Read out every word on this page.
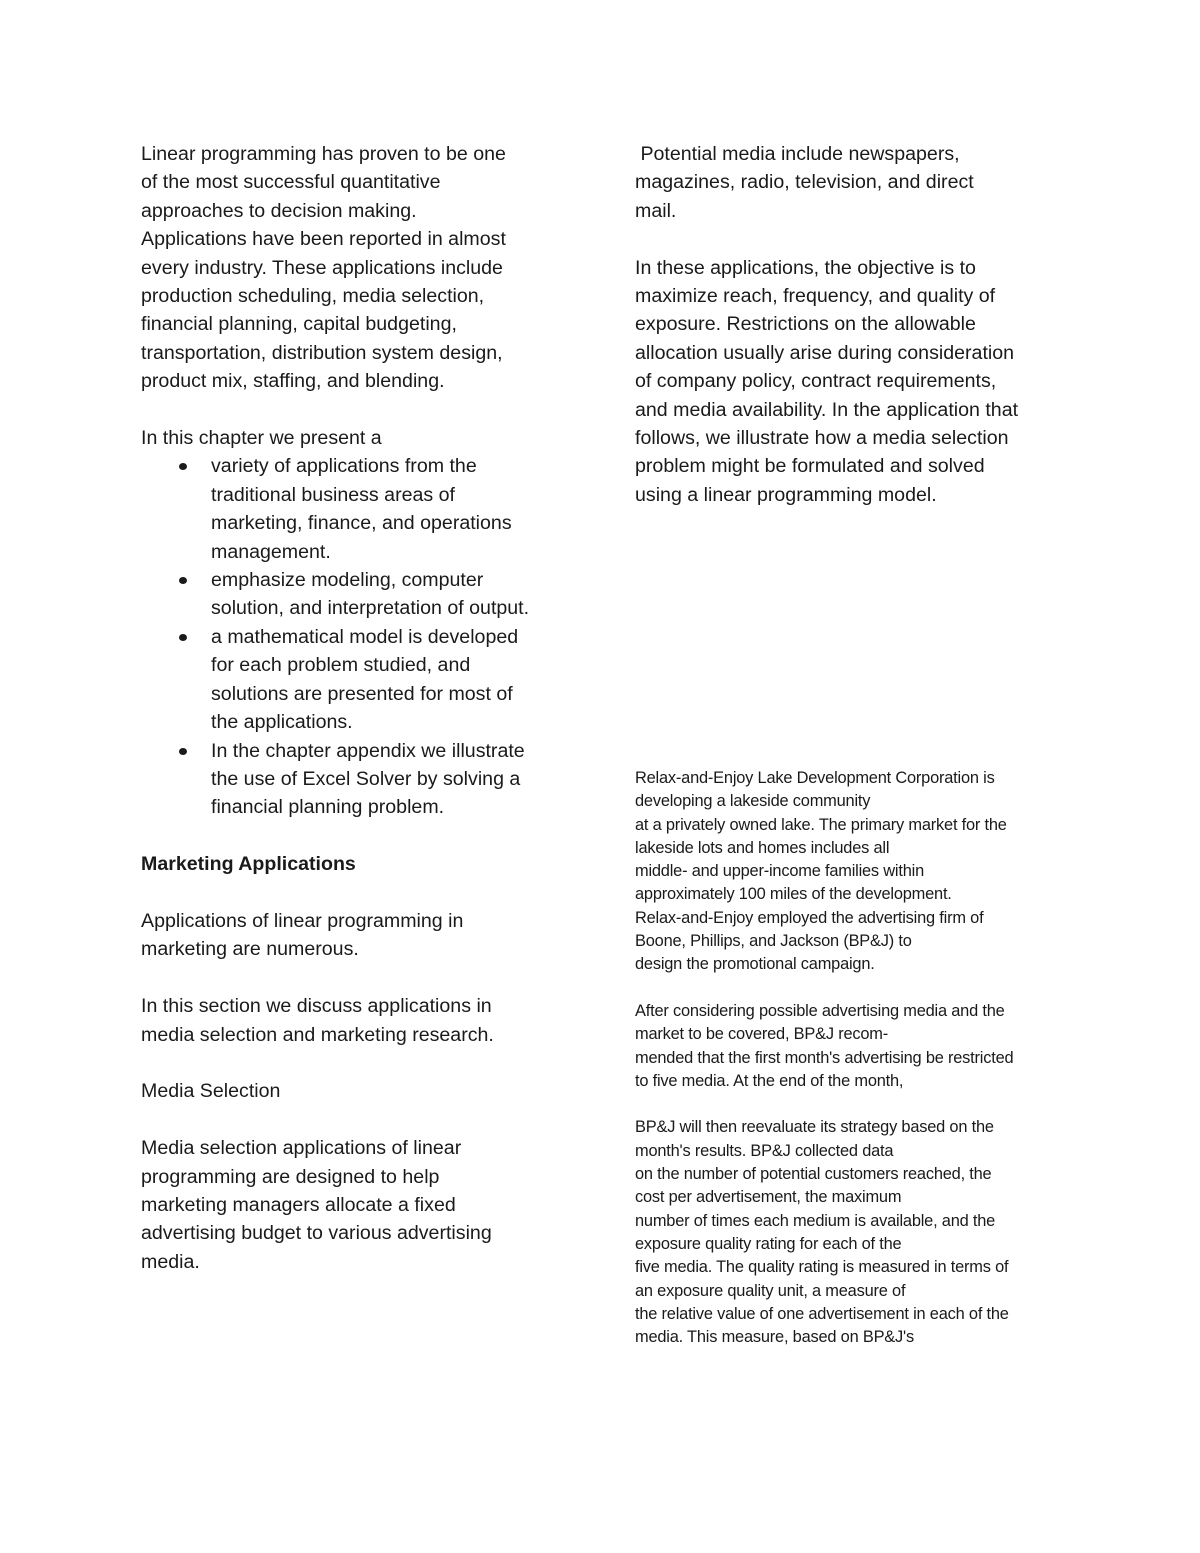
Linear programming has proven to be one
of the most successful quantitative
approaches to decision making.
Applications have been reported in almost
every industry. These applications include
production scheduling, media selection,
financial planning, capital budgeting,
transportation, distribution system design,
product mix, staffing, and blending.

In this chapter we present a

variety of applications from the
traditional business areas of
marketing, finance, and operations
management.
emphasize modeling, computer
solution, and interpretation of output.
a mathematical model is developed
for each problem studied, and
solutions are presented for most of
the applications.
In the chapter appendix we illustrate
the use of Excel Solver by solving a
financial planning problem.

Marketing Applications

Applications of linear programming in
marketing are numerous.

In this section we discuss applications in
media selection and marketing research.

Media Selection

Media selection applications of linear
programming are designed to help
marketing managers allocate a fixed
advertising budget to various advertising
media.

Potential media include newspapers,
magazines, radio, television, and direct
mail.

In these applications, the objective is to
maximize reach, frequency, and quality of
exposure. Restrictions on the allowable
allocation usually arise during consideration
of company policy, contract requirements,
and media availability. In the application that
follows, we illustrate how a media selection
problem might be formulated and solved
using a linear programming model.

Relax-and-Enjoy Lake Development Corporation is
developing a lakeside community
at a privately owned lake. The primary market for the
lakeside lots and homes includes all
middle- and upper-income families within
approximately 100 miles of the development.
Relax-and-Enjoy employed the advertising firm of
Boone, Phillips, and Jackson (BP&J) to
design the promotional campaign.

After considering possible advertising media and the
market to be covered, BP&J recom-
mended that the first month's advertising be restricted
to five media. At the end of the month,

BP&J will then reevaluate its strategy based on the
month's results. BP&J collected data
on the number of potential customers reached, the
cost per advertisement, the maximum
number of times each medium is available, and the
exposure quality rating for each of the
five media. The quality rating is measured in terms of
an exposure quality unit, a measure of
the relative value of one advertisement in each of the
media. This measure, based on BP&J's
